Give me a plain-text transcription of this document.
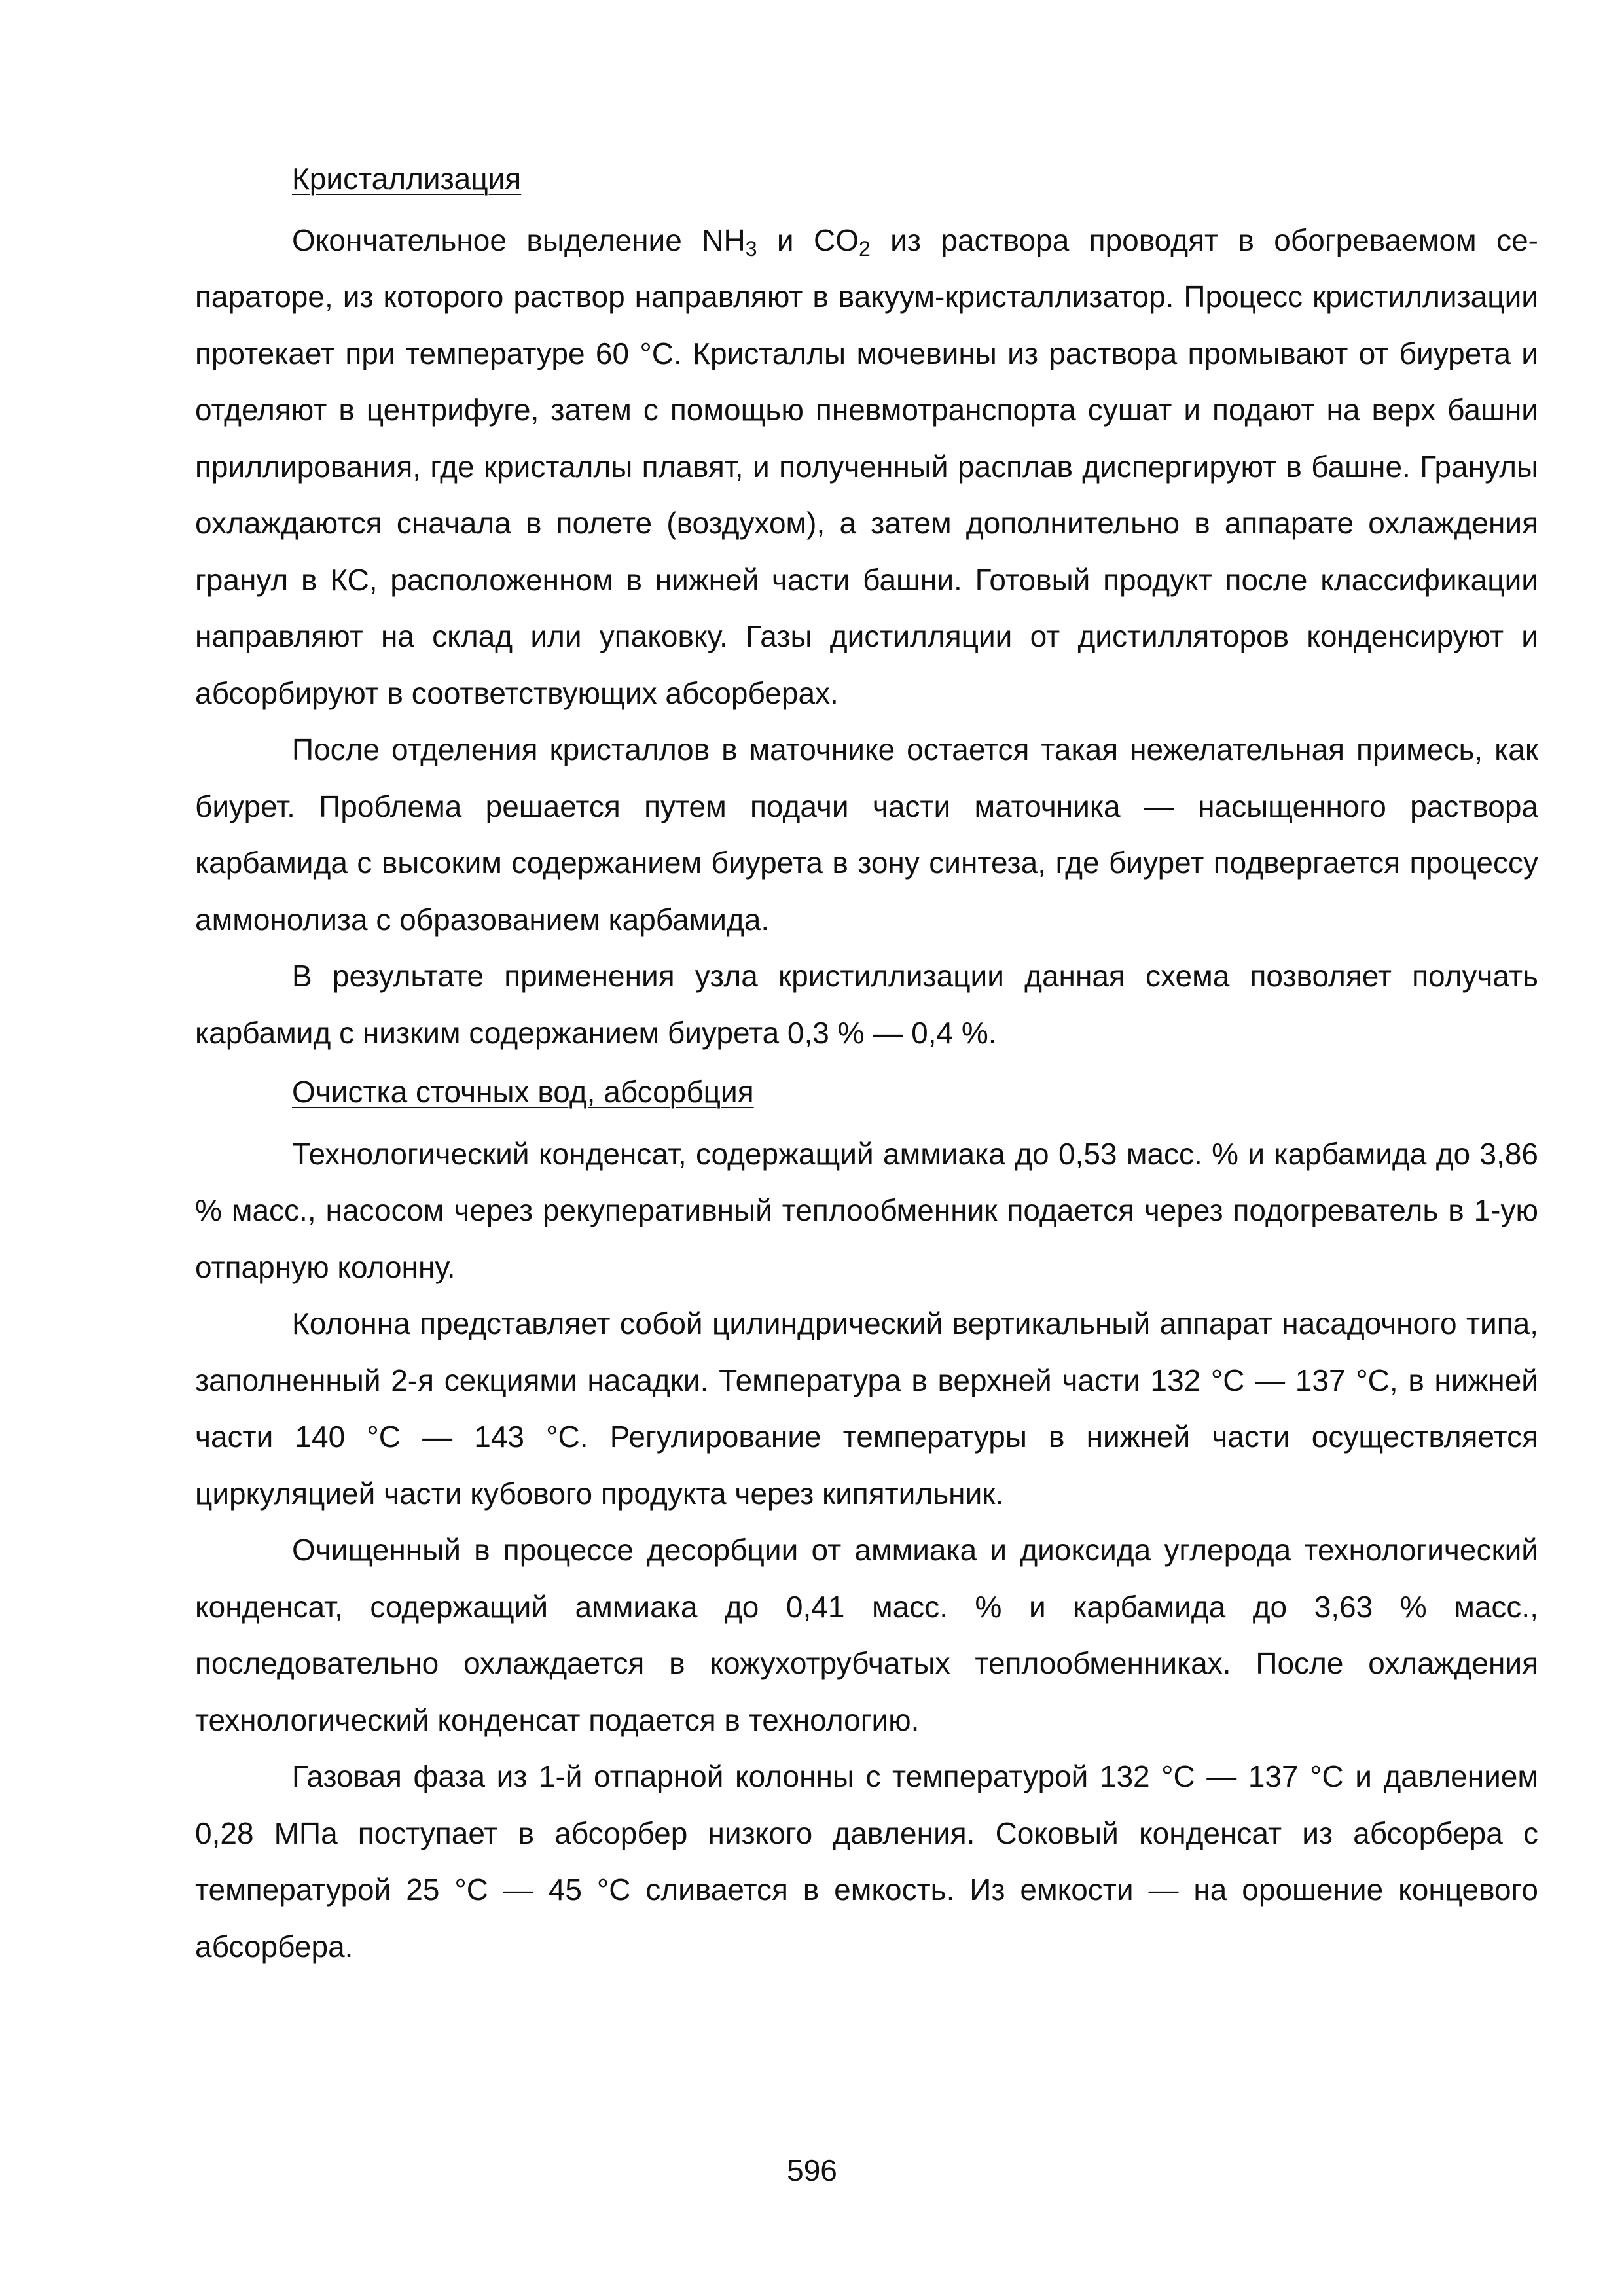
Кристаллизация

Окончательное выделение $NH_3$ и $CO_2$ из раствора проводят в обогреваемом сепараторе, из которого раствор направляют в вакуум-кристаллизатор. Процесс кристиллизации протекает при температуре 60 °С. Кристаллы мочевины из раствора промывают от биурета и отделяют в центрифуге, затем с помощью пневмотранспорта сушат и подают на верх башни приллирования, где кристаллы плавят, и полученный расплав диспергируют в башне. Гранулы охлаждаются сначала в полете (воздухом), а затем дополнительно в аппарате охлаждения гранул в КС, расположенном в нижней части башни. Готовый продукт после классификации направляют на склад или упаковку. Газы дистилляции от дистилляторов конденсируют и абсорбируют в соответствующих абсорберах.

После отделения кристаллов в маточнике остается такая нежелательная примесь, как биурет. Проблема решается путем подачи части маточника — насыщенного раствора карбамида с высоким содержанием биурета в зону синтеза, где биурет подвергается процессу аммонолиза с образованием карбамида.

В результате применения узла кристиллизации данная схема позволяет получать карбамид с низким содержанием биурета 0,3 % — 0,4 %.

Очистка сточных вод, абсорбция

Технологический конденсат, содержащий аммиака до 0,53 масс. % и карбамида до 3,86 % масс., насосом через рекуперативный теплообменник подается через подогреватель в 1-ую отпарную колонну.

Колонна представляет собой цилиндрический вертикальный аппарат насадочного типа, заполненный 2-я секциями насадки. Температура в верхней части 132 °С — 137 °С, в нижней части 140 °С — 143 °С. Регулирование температуры в нижней части осуществляется циркуляцией части кубового продукта через кипятильник.

Очищенный в процессе десорбции от аммиака и диоксида углерода технологический конденсат, содержащий аммиака до 0,41 масс. % и карбамида до 3,63 % масс., последовательно охлаждается в кожухотрубчатых теплообменниках. После охлаждения технологический конденсат подается в технологию.

Газовая фаза из 1-й отпарной колонны с температурой 132 °С — 137 °С и давлением 0,28 МПа поступает в абсорбер низкого давления. Соковый конденсат из абсорбера с температурой 25 °С — 45 °С сливается в емкость. Из емкости — на орошение концевого абсорбера.

596
